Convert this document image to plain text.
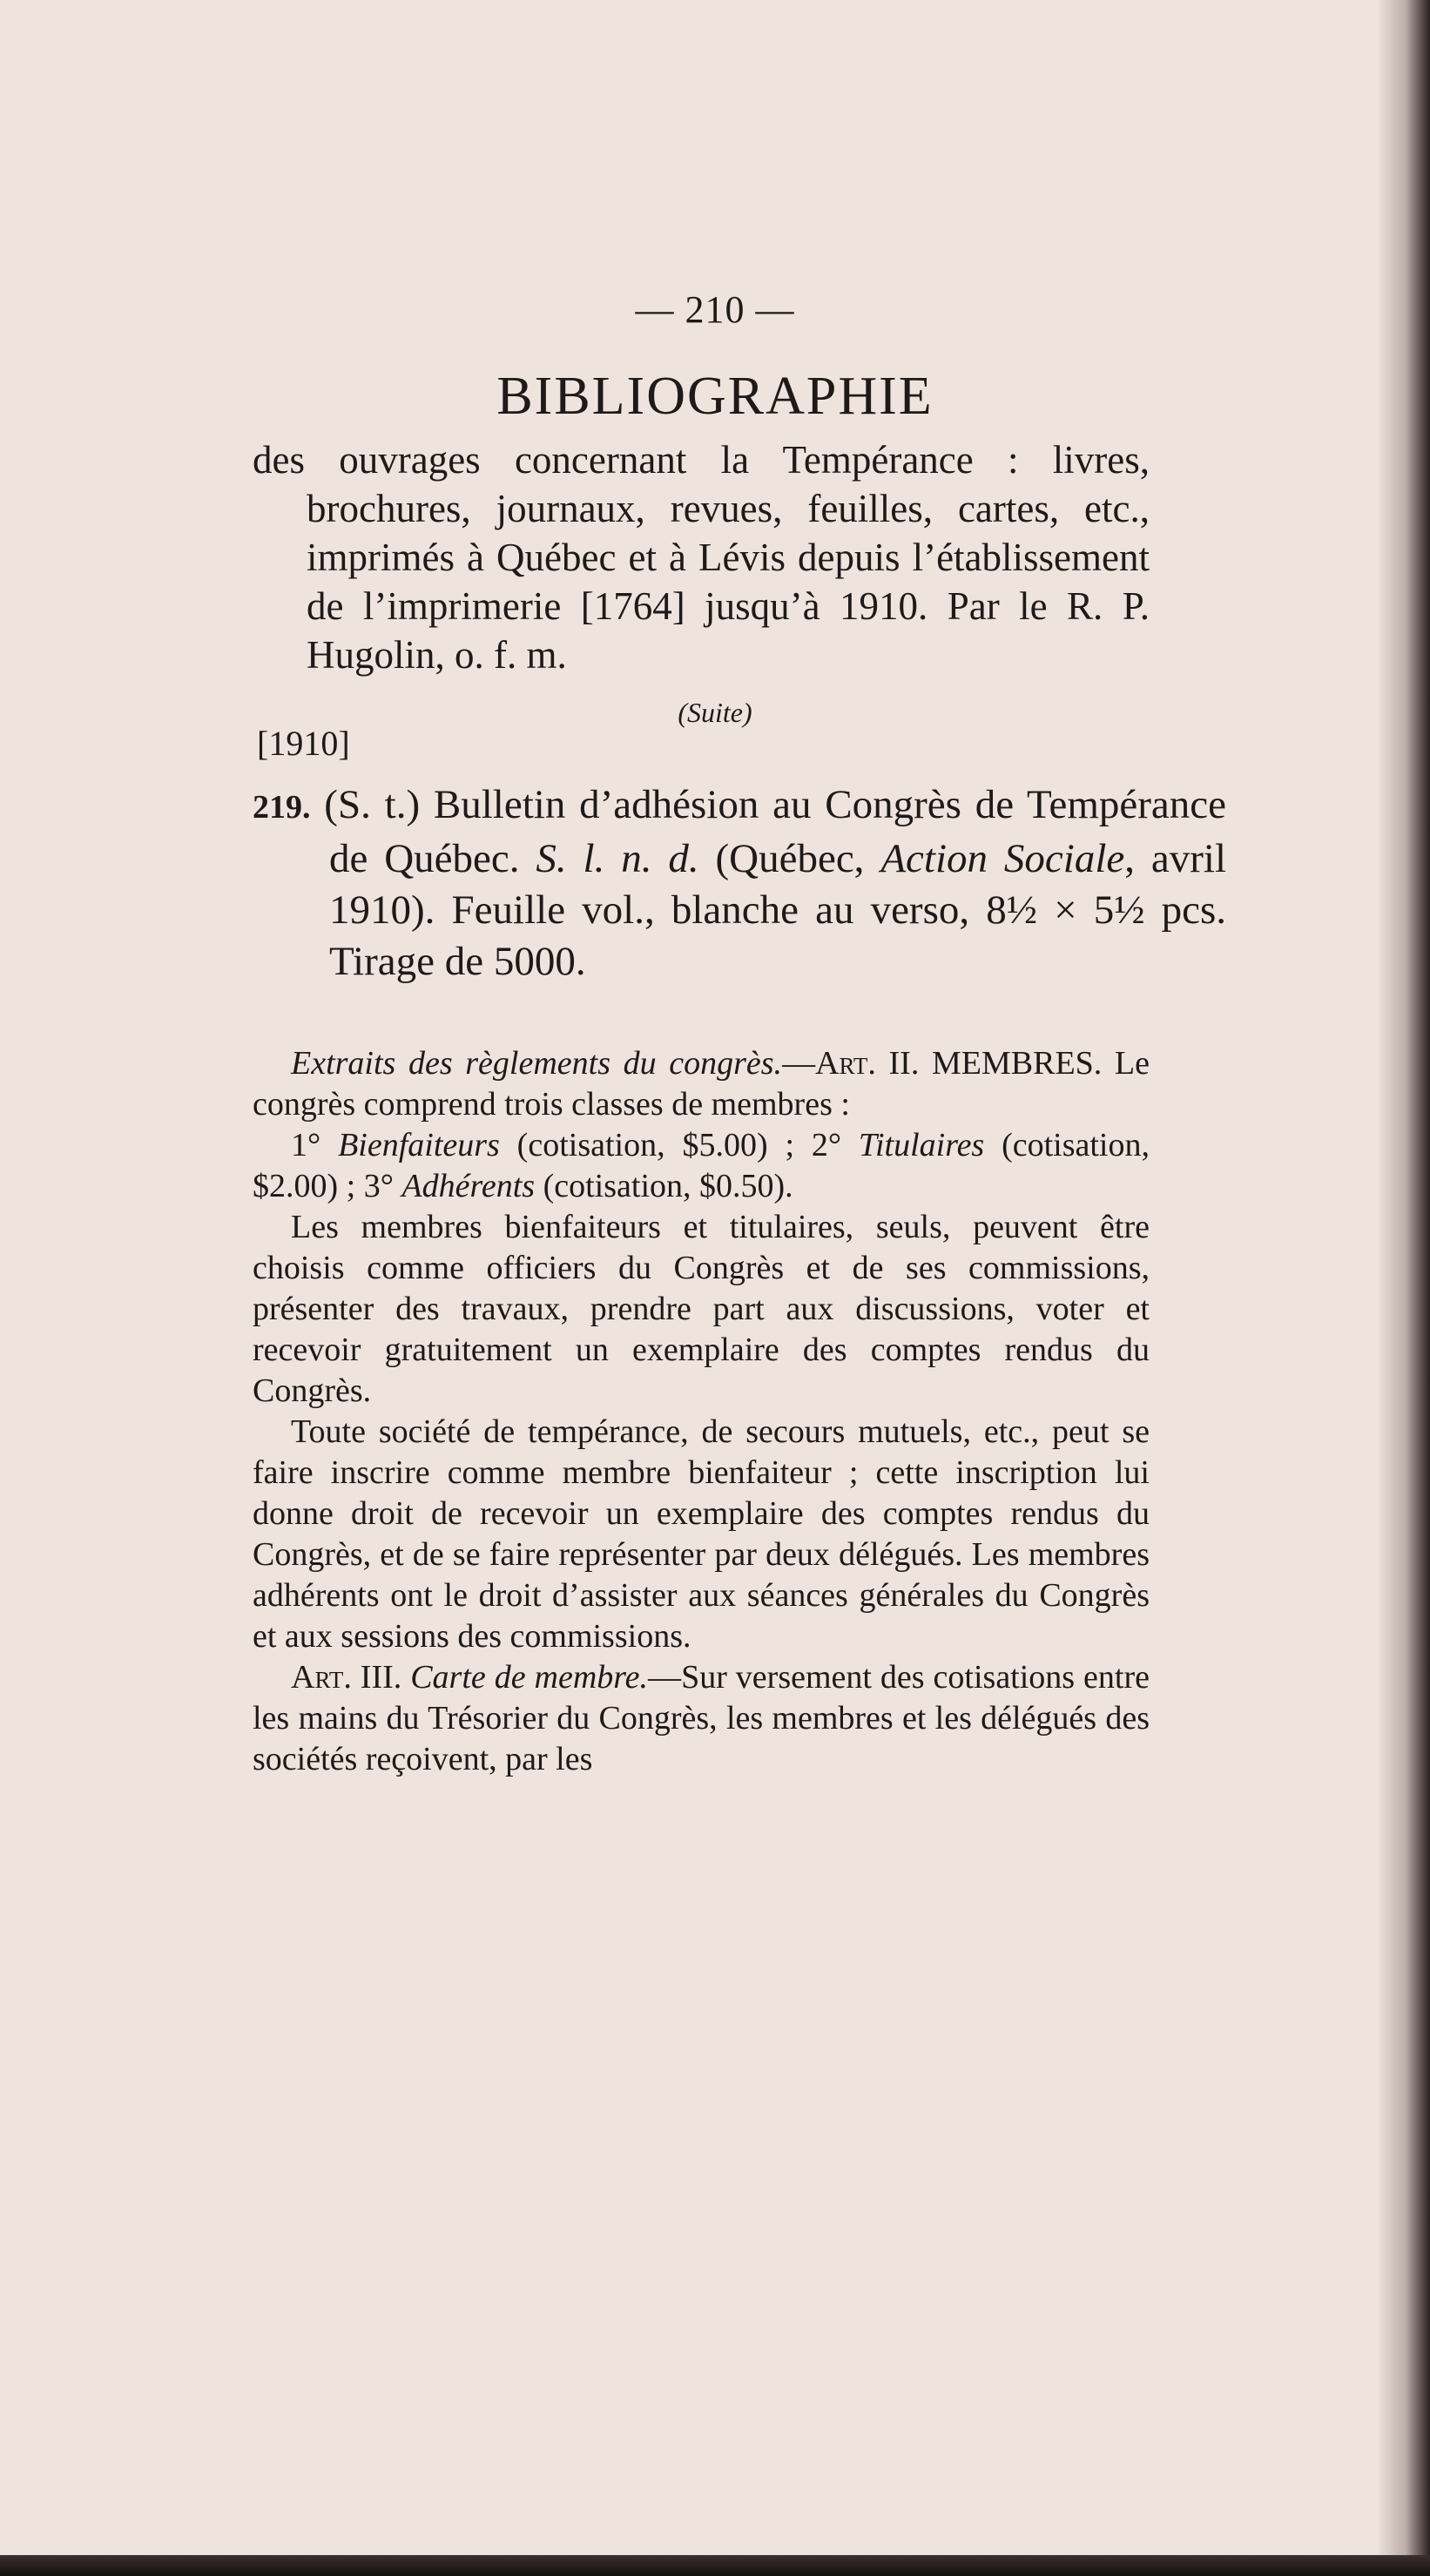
— 210 —
BIBLIOGRAPHIE
des ouvrages concernant la Tempérance : livres, brochures, journaux, revues, feuilles, cartes, etc., imprimés à Québec et à Lévis depuis l’établissement de l’imprimerie [1764] jusqu’à 1910. Par le R. P. Hugolin, o. f. m.
(Suite)
[1910]
219. (S. t.) Bulletin d’adhésion au Congrès de Tempérance de Québec. S. l. n. d. (Québec, Action Sociale, avril 1910). Feuille vol., blanche au verso, 8½ × 5½ pcs. Tirage de 5000.

Extraits des règlements du congrès.—Art. II. MEMBRES. Le congrès comprend trois classes de membres :

1° Bienfaiteurs (cotisation, $5.00) ; 2° Titulaires (cotisation, $2.00) ; 3° Adhérents (cotisation, $0.50).

Les membres bienfaiteurs et titulaires, seuls, peuvent être choisis comme officiers du Congrès et de ses commissions, présenter des travaux, prendre part aux discussions, voter et recevoir gratuitement un exemplaire des comptes rendus du Congrès.

Toute société de tempérance, de secours mutuels, etc., peut se faire inscrire comme membre bienfaiteur ; cette inscription lui donne droit de recevoir un exemplaire des comptes rendus du Congrès, et de se faire représenter par deux délégués. Les membres adhérents ont le droit d’assister aux séances générales du Congrès et aux sessions des commissions.

Art. III. Carte de membre.—Sur versement des cotisations entre les mains du Trésorier du Congrès, les membres et les délégués des sociétés reçoivent, par les
